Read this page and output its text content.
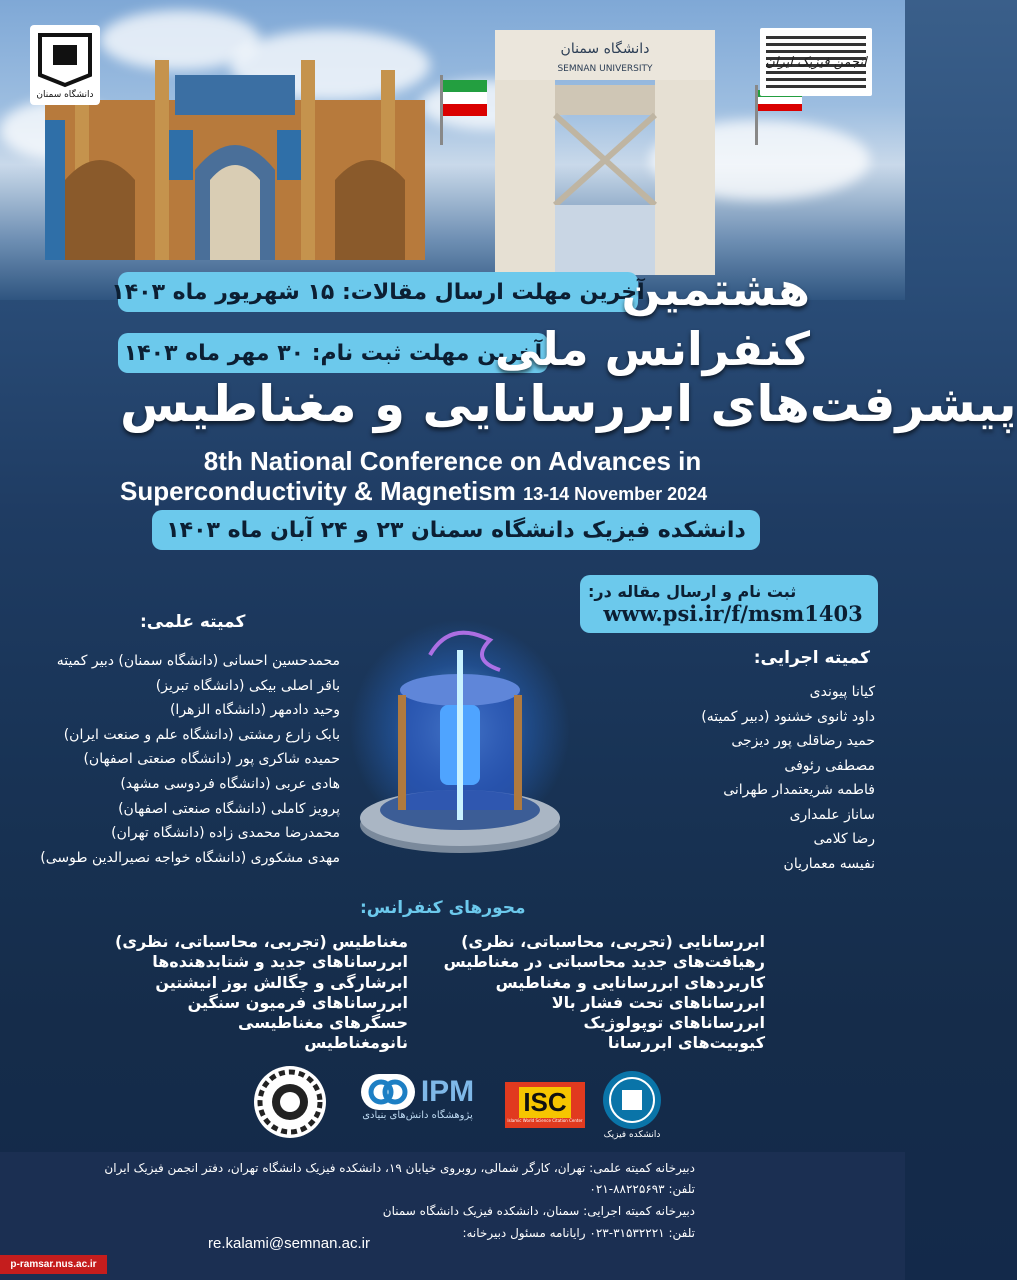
دانشگاه سمنان
SEMNAN UNIVERSITY
دانشگاه سمنان
انجمن فیزیک ایران
آخرین مهلت ارسال مقالات: ۱۵ شهریور ماه ۱۴۰۳
آخرین مهلت ثبت نام: ۳۰ مهر ماه ۱۴۰۳
هشتمین
کنفرانس ملی
پیشرفت‌های ابررسانایی و مغناطیس
8th National Conference on Advances in
Superconductivity & Magnetism 13-14 November 2024
دانشکده فیزیک دانشگاه سمنان ۲۳ و ۲۴ آبان ماه ۱۴۰۳
ثبت نام و ارسال مقاله در:
www.psi.ir/f/msm1403
کمیته علمی:
محمدحسین احسانی (دانشگاه سمنان) دبیر کمیته
باقر اصلی بیکی (دانشگاه تبریز)
وحید دادمهر (دانشگاه الزهرا)
بابک زارع رمشتی (دانشگاه علم و صنعت ایران)
حمیده شاکری پور (دانشگاه صنعتی اصفهان)
هادی عربی (دانشگاه فردوسی مشهد)
پرویز کاملی (دانشگاه صنعتی اصفهان)
محمدرضا محمدی زاده (دانشگاه تهران)
مهدی مشکوری (دانشگاه خواجه نصیرالدین طوسی)
کمیته اجرایی:
کیانا پیوندی
داود ثانوی خشنود (دبیر کمیته)
حمید رضاقلی پور دیزجی
مصطفی رئوفی
فاطمه شریعتمدار طهرانی
ساناز علمداری
رضا کلامی
نفیسه معماریان
محورهای کنفرانس:
ابررسانایی (تجربی، محاسباتی، نظری)
رهیافت‌های جدید محاسباتی در مغناطیس
کاربردهای ابررسانایی و مغناطیس
ابررساناهای تحت فشار بالا
ابررساناهای توپولوژیک
کیوبیت‌های ابررسانا
مغناطیس (تجربی، محاسباتی، نظری)
ابررساناهای جدید و شتابدهنده‌ها
ابرشارگی و چگالش بوز انیشتین
ابررساناهای فرمیون سنگین
حسگرهای مغناطیسی
نانومغناطیس
IPM
پژوهشگاه دانش‌های بنیادی ISC
Islamic World Science Citation Center
دانشکده فیزیک
دبیرخانه کمیته علمی: تهران، کارگر شمالی، روبروی خیابان ۱۹، دانشکده فیزیک دانشگاه تهران، دفتر انجمن فیزیک ایران
تلفن: ۸۸۲۲۵۶۹۳-۰۲۱
دبیرخانه کمیته اجرایی: سمنان، دانشکده فیزیک دانشگاه سمنان
تلفن: ۳۱۵۳۲۲۲۱-۰۲۳ رایانامه مسئول دبیرخانه:
re.kalami@semnan.ac.ir
p-ramsar.nus.ac.ir
